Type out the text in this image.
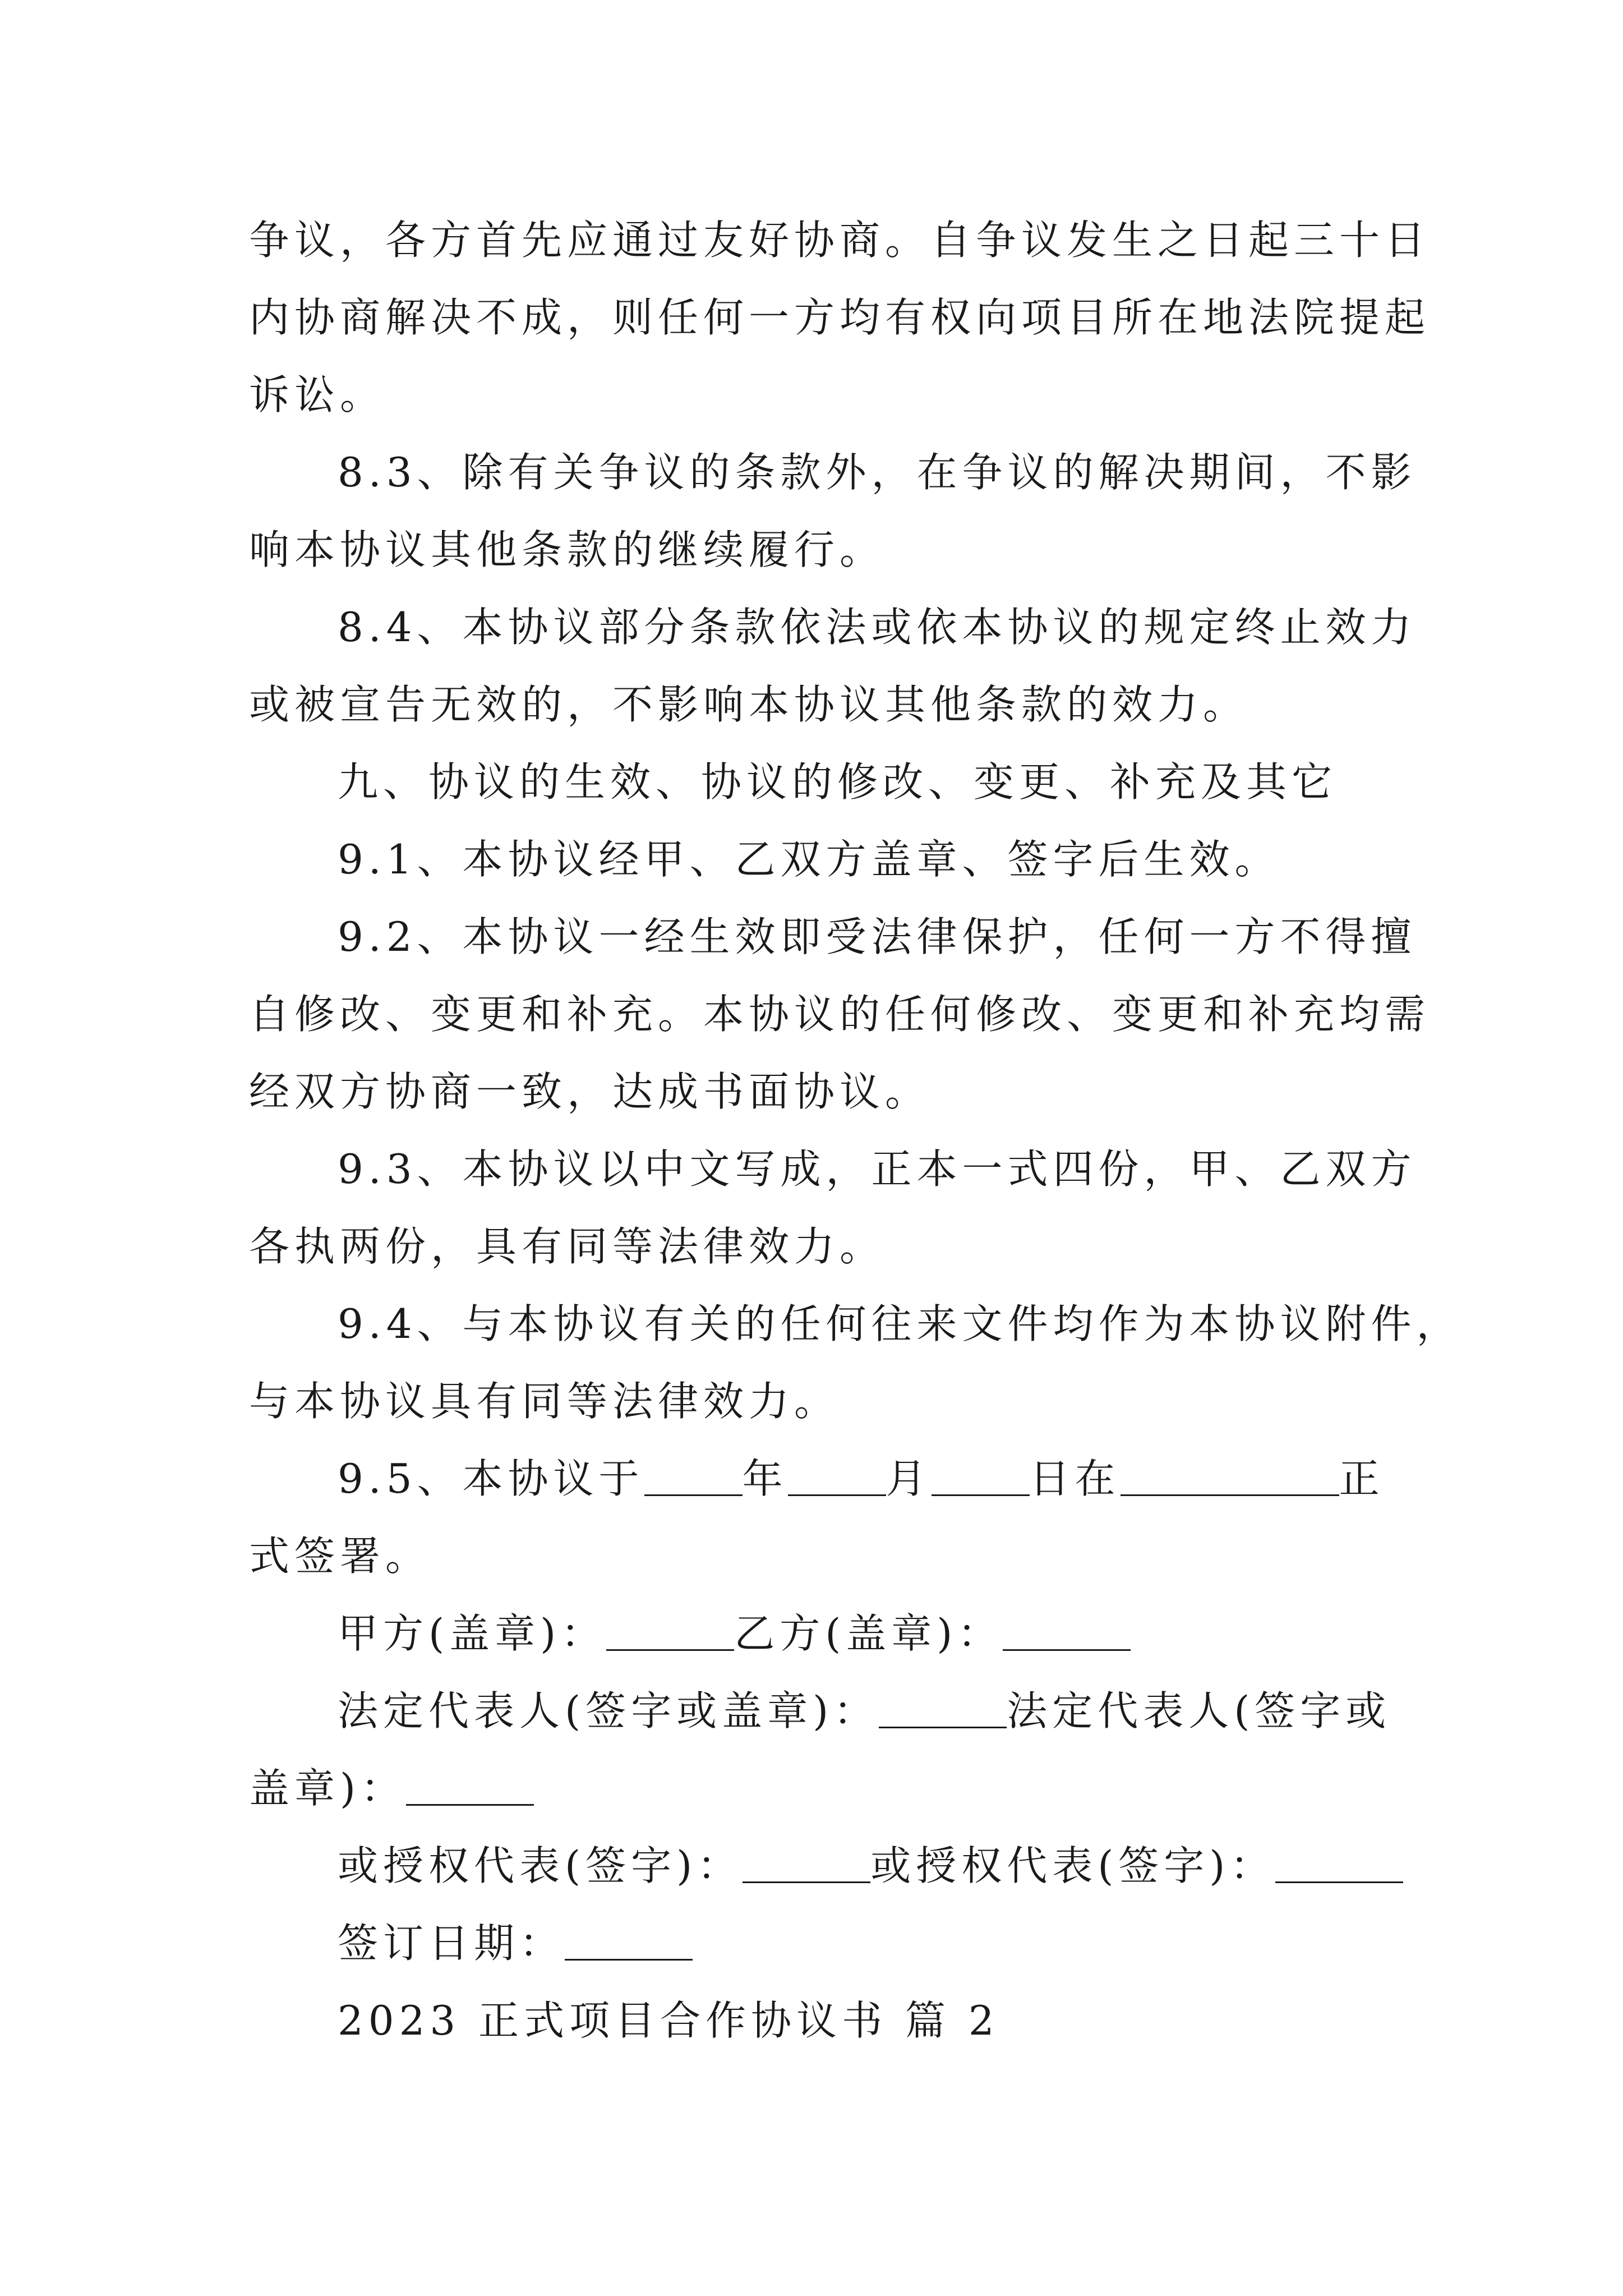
争议，各方首先应通过友好协商。自争议发生之日起三十日
内协商解决不成，则任何一方均有权向项目所在地法院提起
诉讼。
8.3、除有关争议的条款外，在争议的解决期间，不影
响本协议其他条款的继续履行。
8.4、本协议部分条款依法或依本协议的规定终止效力
或被宣告无效的，不影响本协议其他条款的效力。
九、协议的生效、协议的修改、变更、补充及其它
9.1、本协议经甲、乙双方盖章、签字后生效。
9.2、本协议一经生效即受法律保护，任何一方不得擅
自修改、变更和补充。本协议的任何修改、变更和补充均需
经双方协商一致，达成书面协议。
9.3、本协议以中文写成，正本一式四份，甲、乙双方
各执两份，具有同等法律效力。
9.4、与本协议有关的任何往来文件均作为本协议附件，
与本协议具有同等法律效力。
9.5、本协议于 年 月 日在	正
式签署。
甲方(盖章)：	乙方(盖章)：
法定代表人(签字或盖章)：	法定代表人(签字或
盖章)：
或授权代表(签字)：	或授权代表(签字)：
签订日期：
2023 正式项目合作协议书 篇 2
